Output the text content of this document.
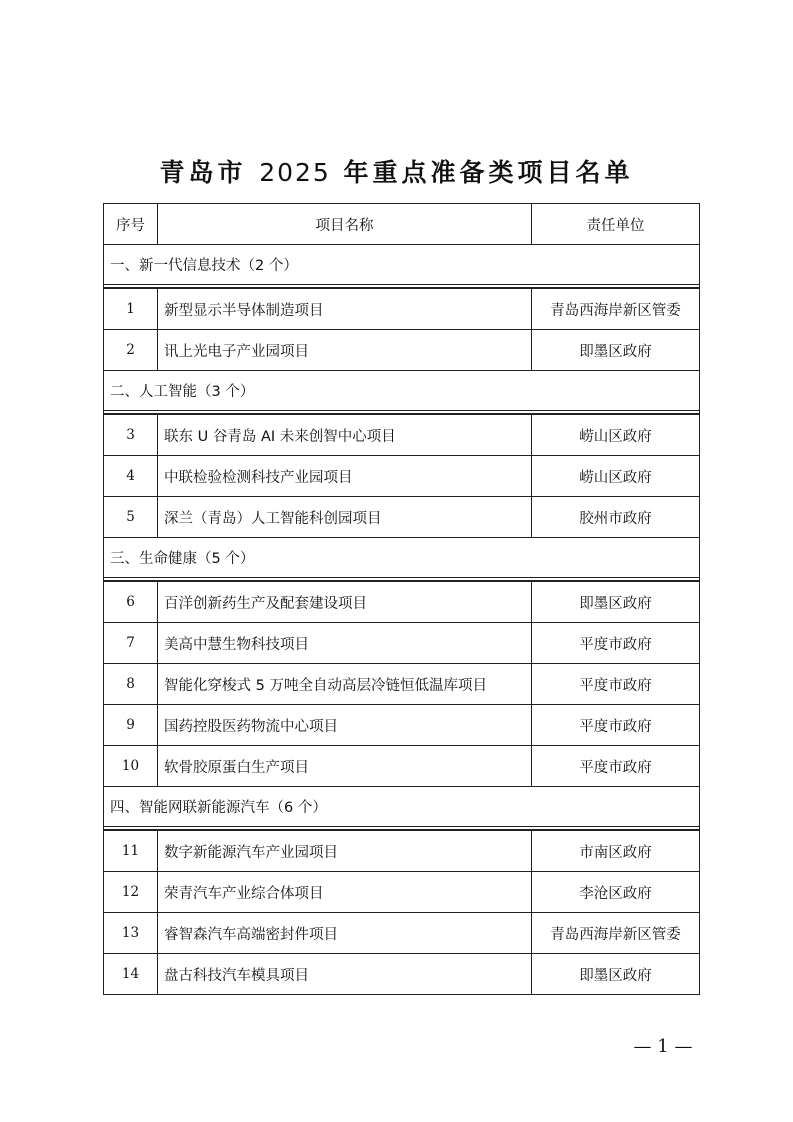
青岛市 2025 年重点准备类项目名单
序号	项目名称	责任单位
一、新一代信息技术（2 个）		

1	新型显示半导体制造项目	青岛西海岸新区管委
2	讯上光电子产业园项目	即墨区政府
二、人工智能（3 个）		

3	联东 U 谷青岛 AI 未来创智中心项目	崂山区政府
4	中联检验检测科技产业园项目	崂山区政府
5	深兰（青岛）人工智能科创园项目	胶州市政府
三、生命健康（5 个）		

6	百洋创新药生产及配套建设项目	即墨区政府
7	美高中慧生物科技项目	平度市政府
8	智能化穿梭式 5 万吨全自动高层冷链恒低温库项目	平度市政府
9	国药控股医药物流中心项目	平度市政府
10	软骨胶原蛋白生产项目	平度市政府
四、智能网联新能源汽车（6 个）		

11	数字新能源汽车产业园项目	市南区政府
12	荣青汽车产业综合体项目	李沧区政府
13	睿智森汽车高端密封件项目	青岛西海岸新区管委
14	盘古科技汽车模具项目	即墨区政府
— 1 —
